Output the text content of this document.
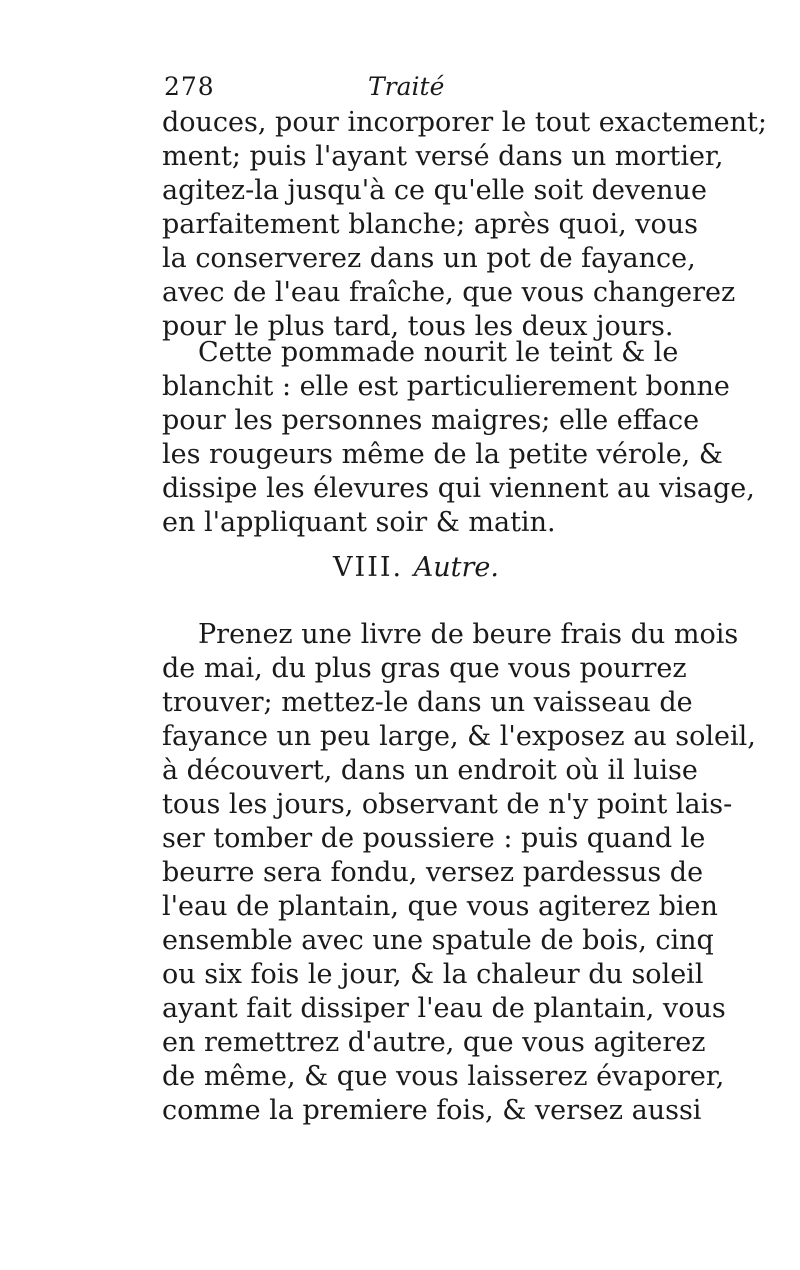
278	Traité
douces, pour incorporer le tout exactement;
ment; puis l'ayant versé dans un mortier,
agitez-la jusqu'à ce qu'elle soit devenue
parfaitement blanche; après quoi, vous
la conserverez dans un pot de fayance,
avec de l'eau fraîche, que vous changerez
pour le plus tard, tous les deux jours.
Cette pommade nourit le teint & le
blanchit : elle est particulierement bonne
pour les personnes maigres; elle efface
les rougeurs même de la petite vérole, &
dissipe les élevures qui viennent au visage,
en l'appliquant soir & matin.
VIII. Autre.
Prenez une livre de beure frais du mois
de mai, du plus gras que vous pourrez
trouver; mettez-le dans un vaisseau de
fayance un peu large, & l'exposez au soleil,
à découvert, dans un endroit où il luise
tous les jours, observant de n'y point lais-
ser tomber de poussiere : puis quand le
beurre sera fondu, versez pardessus de
l'eau de plantain, que vous agiterez bien
ensemble avec une spatule de bois, cinq
ou six fois le jour, & la chaleur du soleil
ayant fait dissiper l'eau de plantain, vous
en remettrez d'autre, que vous agiterez
de même, & que vous laisserez évaporer,
comme la premiere fois, & versez aussi
